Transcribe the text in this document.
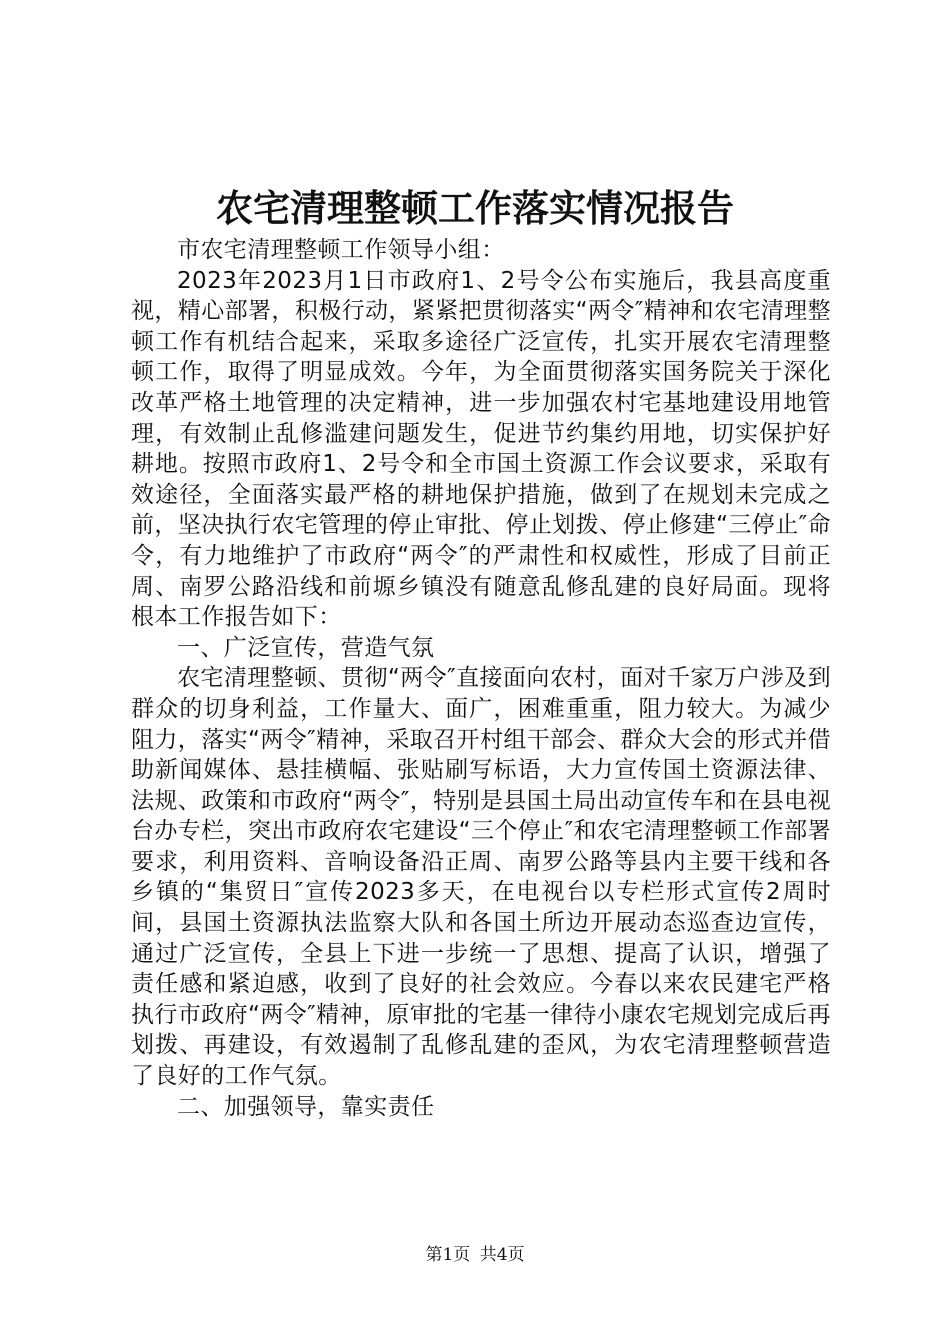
农宅清理整顿工作落实情况报告

市农宅清理整顿工作领导小组：

2023年2023月1日市政府1、2号令公布实施后，我县高度重视，精心部署，积极行动，紧紧把贯彻落实“两令″精神和农宅清理整顿工作有机结合起来，采取多途径广泛宣传，扎实开展农宅清理整顿工作，取得了明显成效。今年，为全面贯彻落实国务院关于深化改革严格土地管理的决定精神，进一步加强农村宅基地建设用地管理，有效制止乱修滥建问题发生，促进节约集约用地，切实保护好耕地。按照市政府1、2号令和全市国土资源工作会议要求，采取有效途径，全面落实最严格的耕地保护措施，做到了在规划未完成之前，坚决执行农宅管理的停止审批、停止划拨、停止修建“三停止″命令，有力地维护了市政府“两令″的严肃性和权威性，形成了目前正周、南罗公路沿线和前塬乡镇没有随意乱修乱建的良好局面。现将根本工作报告如下：

一、广泛宣传，营造气氛

农宅清理整顿、贯彻“两令″直接面向农村，面对千家万户涉及到群众的切身利益，工作量大、面广，困难重重，阻力较大。为减少阻力，落实“两令″精神，采取召开村组干部会、群众大会的形式并借助新闻媒体、悬挂横幅、张贴刷写标语，大力宣传国土资源法律、法规、政策和市政府“两令″，特别是县国土局出动宣传车和在县电视台办专栏，突出市政府农宅建设“三个停止″和农宅清理整顿工作部署要求，利用资料、音响设备沿正周、南罗公路等县内主要干线和各乡镇的“集贸日″宣传2023多天，在电视台以专栏形式宣传2周时间，县国土资源执法监察大队和各国土所边开展动态巡查边宣传，通过广泛宣传，全县上下进一步统一了思想、提高了认识，增强了责任感和紧迫感，收到了良好的社会效应。今春以来农民建宅严格执行市政府“两令″精神，原审批的宅基一律待小康农宅规划完成后再划拨、再建设，有效遏制了乱修乱建的歪风，为农宅清理整顿营造了良好的工作气氛。

二、加强领导，靠实责任

第1页 共4页
